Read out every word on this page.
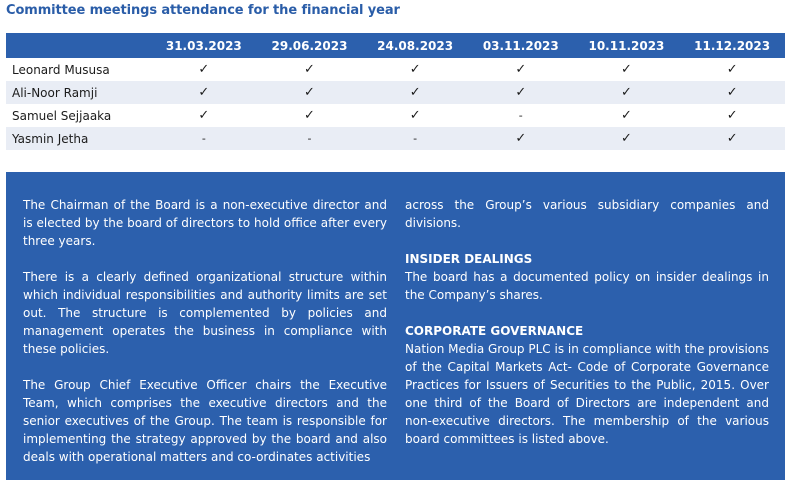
Committee meetings attendance for the financial year
	31.03.2023	29.06.2023	24.08.2023	03.11.2023	10.11.2023	11.12.2023
Leonard Mususa	✓	✓	✓	✓	✓	✓
Ali-Noor Ramji	✓	✓	✓	✓	✓	✓
Samuel Sejjaaka	✓	✓	✓	-	✓	✓
Yasmin Jetha	-	-	-	✓	✓	✓

The Chairman of the Board is a non-executive director and is elected by the board of directors to hold office after every three years.

There is a clearly defined organizational structure within which individual responsibilities and authority limits are set out. The structure is complemented by policies and management operates the business in compliance with these policies.

The Group Chief Executive Officer chairs the Executive Team, which comprises the executive directors and the senior executives of the Group. The team is responsible for implementing the strategy approved by the board and also deals with operational matters and co-ordinates activities

across the Group’s various subsidiary companies and divisions.

INSIDER DEALINGS

The board has a documented policy on insider dealings in the Company’s shares.

CORPORATE GOVERNANCE

Nation Media Group PLC is in compliance with the provisions of the Capital Markets Act- Code of Corporate Governance Practices for Issuers of Securities to the Public, 2015. Over one third of the Board of Directors are independent and non-executive directors. The membership of the various board committees is listed above.
